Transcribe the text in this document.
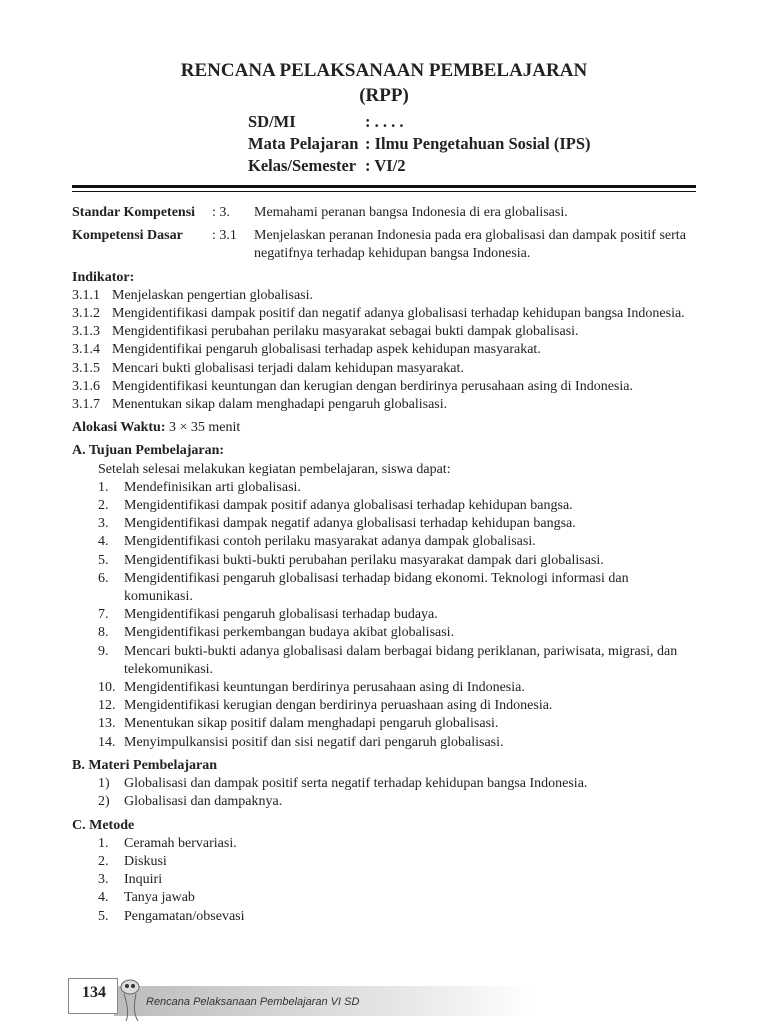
RENCANA PELAKSANAAN PEMBELAJARAN
(RPP)
SD/MI	: . . . .
Mata Pelajaran : Ilmu Pengetahuan Sosial (IPS)
Kelas/Semester : VI/2
Standar Kompetensi	: 3.	Memahami peranan bangsa Indonesia di era globalisasi.
Kompetensi Dasar	: 3.1	Menjelaskan peranan Indonesia pada era globalisasi dan dampak positif serta negatifnya terhadap kehidupan bangsa Indonesia.
Indikator:
3.1.1 Menjelaskan pengertian globalisasi.
3.1.2 Mengidentifikasi dampak positif dan negatif adanya globalisasi terhadap kehidupan bangsa Indonesia.
3.1.3 Mengidentifikasi perubahan perilaku masyarakat sebagai bukti dampak globalisasi.
3.1.4 Mengidentifikai pengaruh globalisasi terhadap aspek kehidupan masyarakat.
3.1.5 Mencari bukti globalisasi terjadi dalam kehidupan masyarakat.
3.1.6 Mengidentifikasi keuntungan dan kerugian dengan berdirinya perusahaan asing di Indonesia.
3.1.7 Menentukan sikap dalam menghadapi pengaruh globalisasi.
Alokasi Waktu: 3 × 35 menit
A. Tujuan Pembelajaran:
Setelah selesai melakukan kegiatan pembelajaran, siswa dapat:
1.	Mendefinisikan arti globalisasi.
2.	Mengidentifikasi dampak positif adanya globalisasi terhadap kehidupan bangsa.
3.	Mengidentifikasi dampak negatif adanya globalisasi terhadap kehidupan bangsa.
4.	Mengidentifikasi contoh perilaku masyarakat adanya dampak globalisasi.
5.	Mengidentifikasi bukti-bukti perubahan perilaku masyarakat dampak dari globalisasi.
6.	Mengidentifikasi pengaruh globalisasi terhadap bidang ekonomi. Teknologi informasi dan komunikasi.
7.	Mengidentifikasi pengaruh globalisasi terhadap budaya.
8.	Mengidentifikasi perkembangan budaya akibat globalisasi.
9.	Mencari bukti-bukti adanya globalisasi dalam berbagai bidang periklanan, pariwisata, migrasi, dan telekomunikasi.
10. Mengidentifikasi keuntungan berdirinya perusahaan asing di Indonesia.
12. Mengidentifikasi kerugian dengan berdirinya peruashaan asing di Indonesia.
13. Menentukan sikap positif dalam menghadapi pengaruh globalisasi.
14. Menyimpulkansisi positif dan sisi negatif dari pengaruh globalisasi.
B. Materi Pembelajaran
1)	Globalisasi dan dampak positif serta negatif terhadap kehidupan bangsa Indonesia.
2)	Globalisasi dan dampaknya.
C. Metode
1.	Ceramah bervariasi.
2.	Diskusi
3.	Inquiri
4.	Tanya jawab
5.	Pengamatan/obsevasi
134
Rencana Pelaksanaan Pembelajaran VI SD
